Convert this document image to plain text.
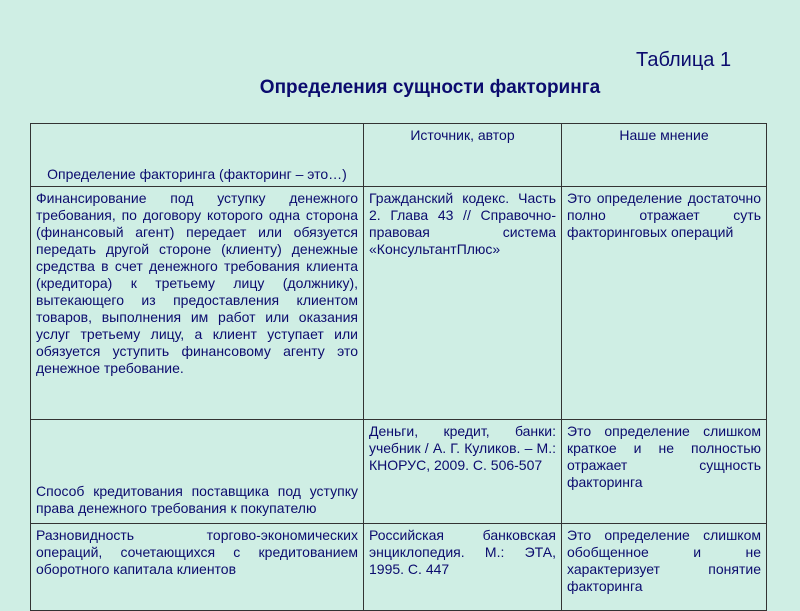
Таблица 1
Определения сущности факторинга
Определение факторинга (факторинг – это…)	Источник, автор	Наше мнение
Финансирование под уступку денежного требования, по договору которого одна сторона (финансовый агент) передает или обязуется передать другой стороне (клиенту) денежные средства в счет денежного требования клиента (кредитора) к третьему лицу (должнику), вытекающего из предоставления клиентом товаров, выполнения им работ или оказания услуг третьему лицу, а клиент уступает или обязуется уступить финансовому агенту это денежное требование.	Гражданский кодекс. Часть 2. Глава 43 // Справочно-правовая система «КонсультантПлюс»	Это определение достаточно полно отражает суть факторинговых операций
Способ кредитования поставщика под уступку права денежного требования к покупателю	Деньги, кредит, банки: учебник / А. Г. Куликов. – М.: КНОРУС, 2009. С. 506-507	Это определение слишком краткое и не полностью отражает сущность факторинга
Разновидность торгово-экономических операций, сочетающихся с кредитованием оборотного капитала клиентов	Российская банковская энциклопедия. М.: ЭТА, 1995. С. 447	Это определение слишком обобщенное и не характеризует понятие факторинга
